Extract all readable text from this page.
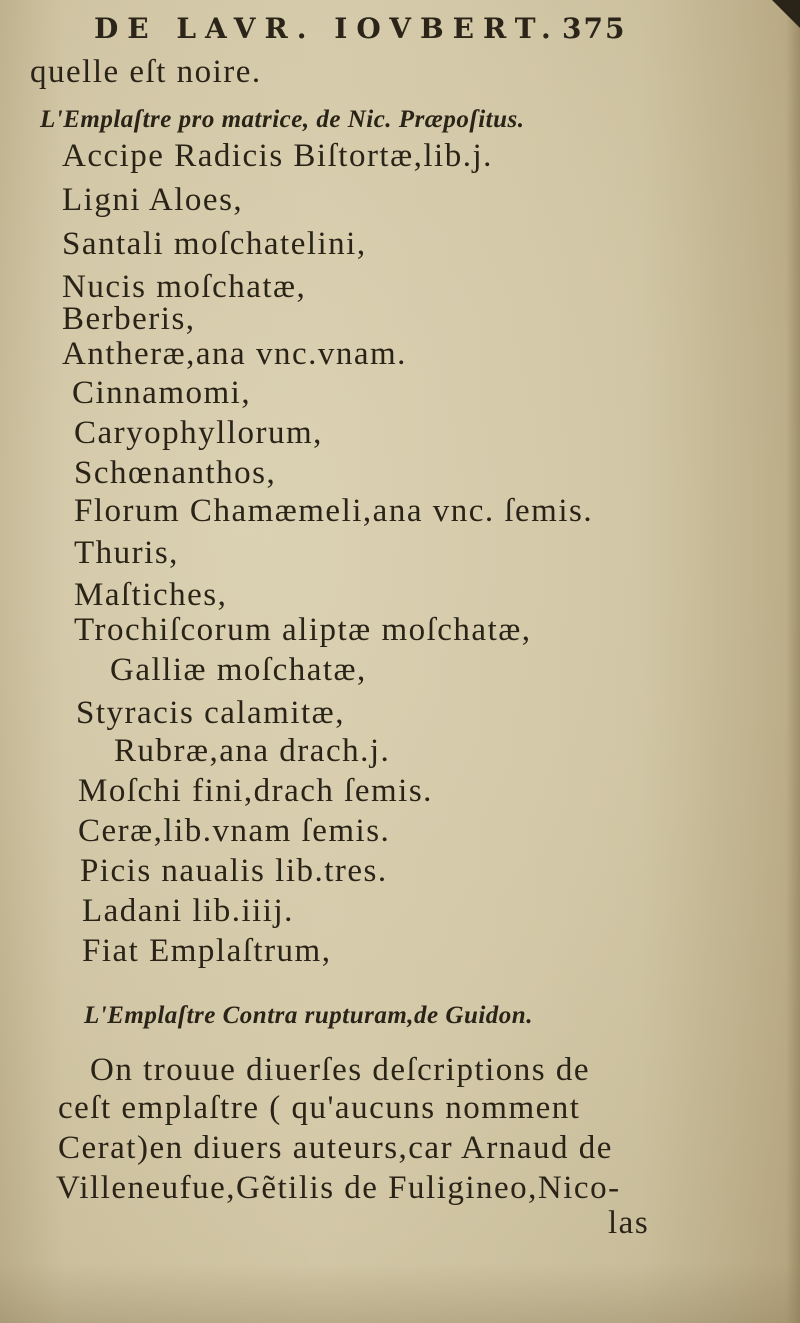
DE LAVR. IOVBERT. 375
quelle eſt noire.
L'Emplaſtre pro matrice, de Nic. Præpoſitus.
Accipe Radicis Biſtortæ,lib.j.
Ligni Aloes,
Santali moſchatelini,
Nucis moſchatæ,
Berberis,
Antheræ,ana vnc.vnam.
Cinnamomi,
Caryophyllorum,
Schœnanthos,
Florum Chamæmeli,ana vnc. ſemis.
Thuris,
Maſtiches,
Trochiſcorum aliptæ moſchatæ,
Galliæ moſchatæ,
Styracis calamitæ,
Rubræ,ana drach.j.
Moſchi fini,drach ſemis.
Ceræ,lib.vnam ſemis.
Picis naualis lib.tres.
Ladani lib.iiij.
Fiat Emplaſtrum,
L'Emplaſtre Contra rupturam,de Guidon.
On trouue diuerſes deſcriptions de
ceſt emplaſtre ( qu'aucuns nomment
Cerat)en diuers auteurs,car Arnaud de
Villeneufue,Gẽtilis de Fuligineo,Nico-
las
